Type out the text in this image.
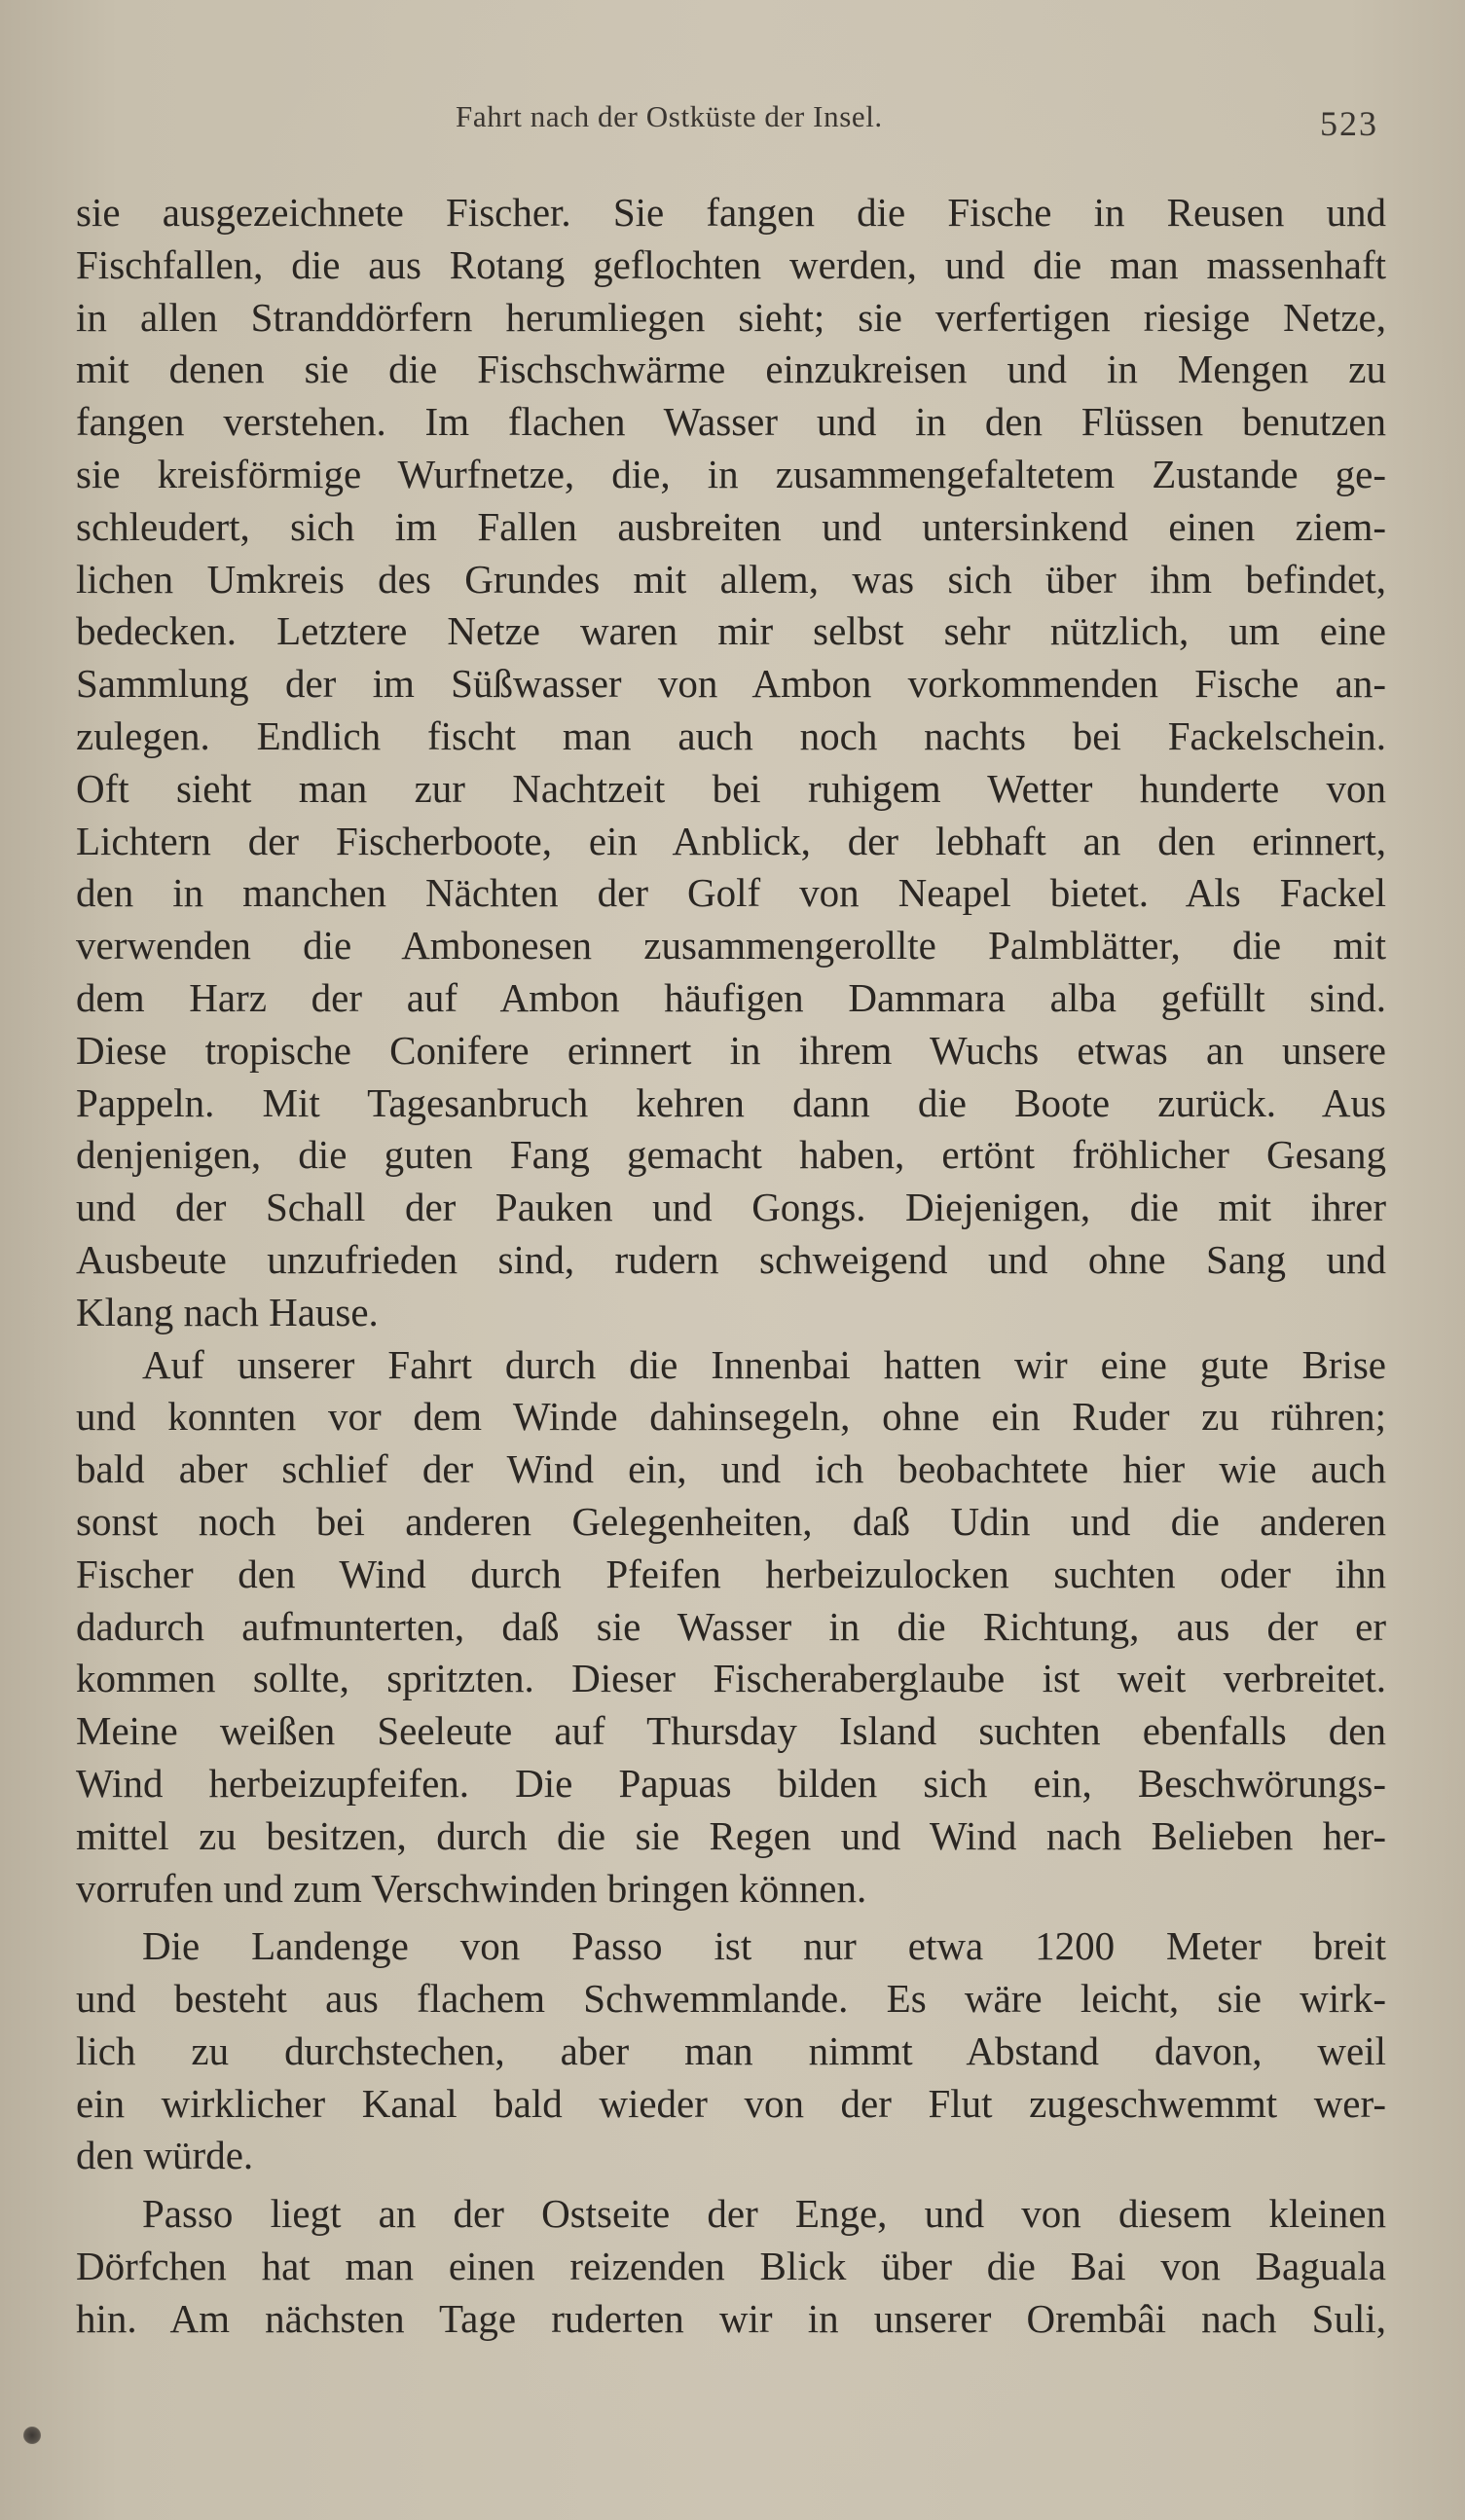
Fahrt nach der Ostküste der Insel.	523
sie ausgezeichnete Fischer. Sie fangen die Fische in Reusen und
Fischfallen, die aus Rotang geflochten werden, und die man massenhaft
in allen Stranddörfern herumliegen sieht; sie verfertigen riesige Netze,
mit denen sie die Fischschwärme einzukreisen und in Mengen zu
fangen verstehen. Im flachen Wasser und in den Flüssen benutzen
sie kreisförmige Wurfnetze, die, in zusammengefaltetem Zustande ge-
schleudert, sich im Fallen ausbreiten und untersinkend einen ziem-
lichen Umkreis des Grundes mit allem, was sich über ihm befindet,
bedecken. Letztere Netze waren mir selbst sehr nützlich, um eine
Sammlung der im Süßwasser von Ambon vorkommenden Fische an-
zulegen. Endlich fischt man auch noch nachts bei Fackelschein.
Oft sieht man zur Nachtzeit bei ruhigem Wetter hunderte von
Lichtern der Fischerboote, ein Anblick, der lebhaft an den erinnert,
den in manchen Nächten der Golf von Neapel bietet. Als Fackel
verwenden die Ambonesen zusammengerollte Palmblätter, die mit
dem Harz der auf Ambon häufigen Dammara alba gefüllt sind.
Diese tropische Conifere erinnert in ihrem Wuchs etwas an unsere
Pappeln. Mit Tagesanbruch kehren dann die Boote zurück. Aus
denjenigen, die guten Fang gemacht haben, ertönt fröhlicher Gesang
und der Schall der Pauken und Gongs. Diejenigen, die mit ihrer
Ausbeute unzufrieden sind, rudern schweigend und ohne Sang und
Klang nach Hause.
Auf unserer Fahrt durch die Innenbai hatten wir eine gute Brise
und konnten vor dem Winde dahinsegeln, ohne ein Ruder zu rühren;
bald aber schlief der Wind ein, und ich beobachtete hier wie auch
sonst noch bei anderen Gelegenheiten, daß Udin und die anderen
Fischer den Wind durch Pfeifen herbeizulocken suchten oder ihn
dadurch aufmunterten, daß sie Wasser in die Richtung, aus der er
kommen sollte, spritzten. Dieser Fischeraberglaube ist weit verbreitet.
Meine weißen Seeleute auf Thursday Island suchten ebenfalls den
Wind herbeizupfeifen. Die Papuas bilden sich ein, Beschwörungs-
mittel zu besitzen, durch die sie Regen und Wind nach Belieben her-
vorrufen und zum Verschwinden bringen können.
Die Landenge von Passo ist nur etwa 1200 Meter breit
und besteht aus flachem Schwemmlande. Es wäre leicht, sie wirk-
lich zu durchstechen, aber man nimmt Abstand davon, weil
ein wirklicher Kanal bald wieder von der Flut zugeschwemmt wer-
den würde.
Passo liegt an der Ostseite der Enge, und von diesem kleinen
Dörfchen hat man einen reizenden Blick über die Bai von Baguala
hin. Am nächsten Tage ruderten wir in unserer Orembâi nach Suli,
